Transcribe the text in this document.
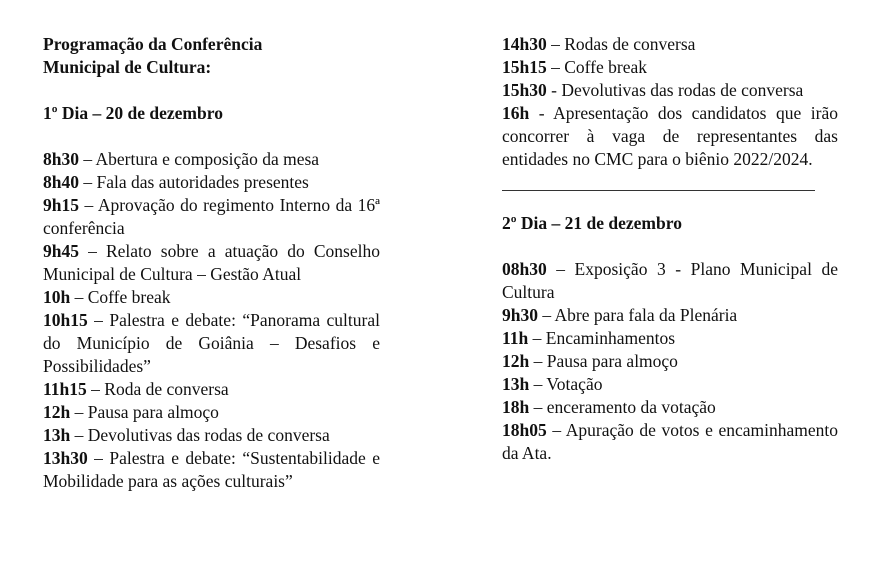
Programação da Conferência

Municipal de Cultura:

1º Dia – 20 de dezembro

8h30 – Abertura e composição da mesa

8h40 – Fala das autoridades presentes

9h15 – Aprovação do regimento Interno da 16ª conferência

9h45 – Relato sobre a atuação do Conselho Municipal de Cultura – Gestão Atual

10h – Coffe break

10h15 – Palestra e debate: “Panorama cultural do Município de Goiânia – Desafios e Possibilidades”

11h15 – Roda de conversa

12h – Pausa para almoço

13h – Devolutivas das rodas de conversa

13h30 – Palestra e debate: “Sustentabilidade e Mobilidade para as ações culturais”

14h30 – Rodas de conversa

15h15 – Coffe break

15h30 - Devolutivas das rodas de conversa

16h - Apresentação dos candidatos que irão concorrer à vaga de representantes das entidades no CMC para o biênio 2022/2024.

2º Dia – 21 de dezembro

08h30 – Exposição 3 - Plano Municipal de Cultura

9h30 – Abre para fala da Plenária

11h – Encaminhamentos

12h – Pausa para almoço

13h – Votação

18h – enceramento da votação

18h05 – Apuração de votos e encaminhamento da Ata.
